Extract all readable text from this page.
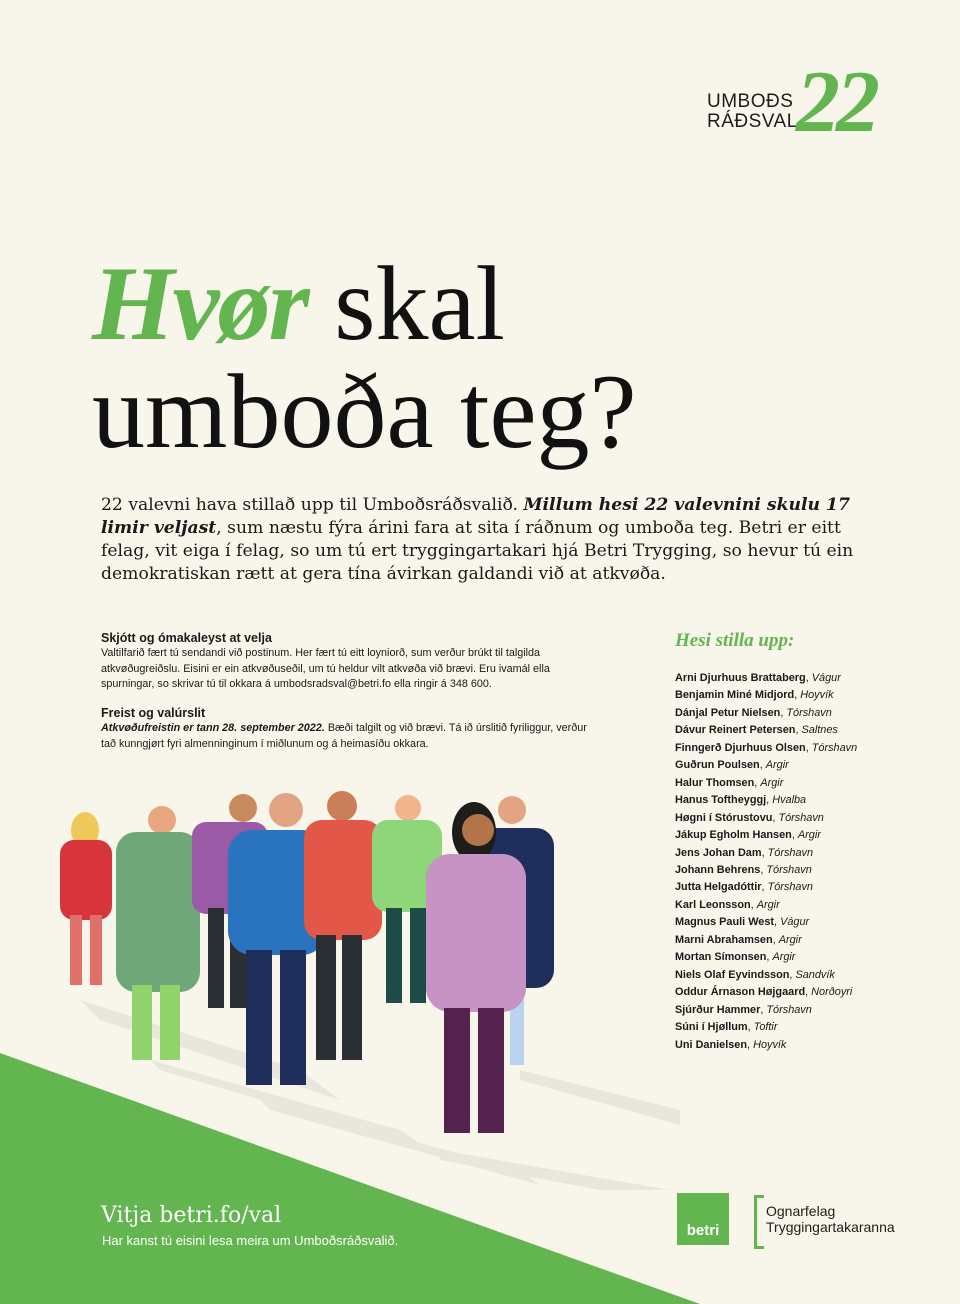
UMBOÐS
RÁÐSVAL
22
Hvør skal
umboða teg?
22 valevni hava stillað upp til Umboðsráðsvalið. Millum hesi 22 valevnini skulu 17 limir veljast, sum næstu fýra árini fara at sita í ráðnum og umboða teg. Betri er eitt felag, vit eiga í felag, so um tú ert tryggingartakari hjá Betri Trygging, so hevur tú ein demokratiskan rætt at gera tína ávirkan galdandi við at atkvøða.
Skjótt og ómakaleyst at velja
Valtilfarið fært tú sendandi við postinum. Her fært tú eitt loyniorð, sum verður brúkt til talgilda atkvøðugreiðslu. Eisini er ein atkvøðuseðil, um tú heldur vilt atkvøða við brævi. Eru ivamál ella spurningar, so skrivar tú til okkara á umbodsradsval@betri.fo ella ringir á 348 600.
Freist og valúrslit
Atkvøðufreistin er tann 28. september 2022. Bæði talgilt og við brævi. Tá ið úrslitið fyriliggur, verður tað kunngjørt fyri almenninginum í miðlunum og á heimasíðu okkara.
Hesi stilla upp:
Arni Djurhuus Brattaberg, Vágur
Benjamin Miné Midjord, Hoyvík
Dánjal Petur Nielsen, Tórshavn
Dávur Reinert Petersen, Saltnes
Finngerð Djurhuus Olsen, Tórshavn
Guðrun Poulsen, Argir
Halur Thomsen, Argir
Hanus Toftheyggj, Hvalba
Høgni í Stórustovu, Tórshavn
Jákup Egholm Hansen, Argir
Jens Johan Dam, Tórshavn
Johann Behrens, Tórshavn
Jutta Helgadóttir, Tórshavn
Karl Leonsson, Argir
Magnus Pauli West, Vágur
Marni Abrahamsen, Argir
Mortan Símonsen, Argir
Niels Olaf Eyvindsson, Sandvík
Oddur Árnason Højgaard, Norðoyri
Sjúrður Hammer, Tórshavn
Súni í Hjøllum, Toftir
Uni Danielsen, Hoyvík
Vitja betri.fo/val
Har kanst tú eisini lesa meira um Umboðsráðsvalið.
betri
Ognarfelag
Tryggingartakaranna
